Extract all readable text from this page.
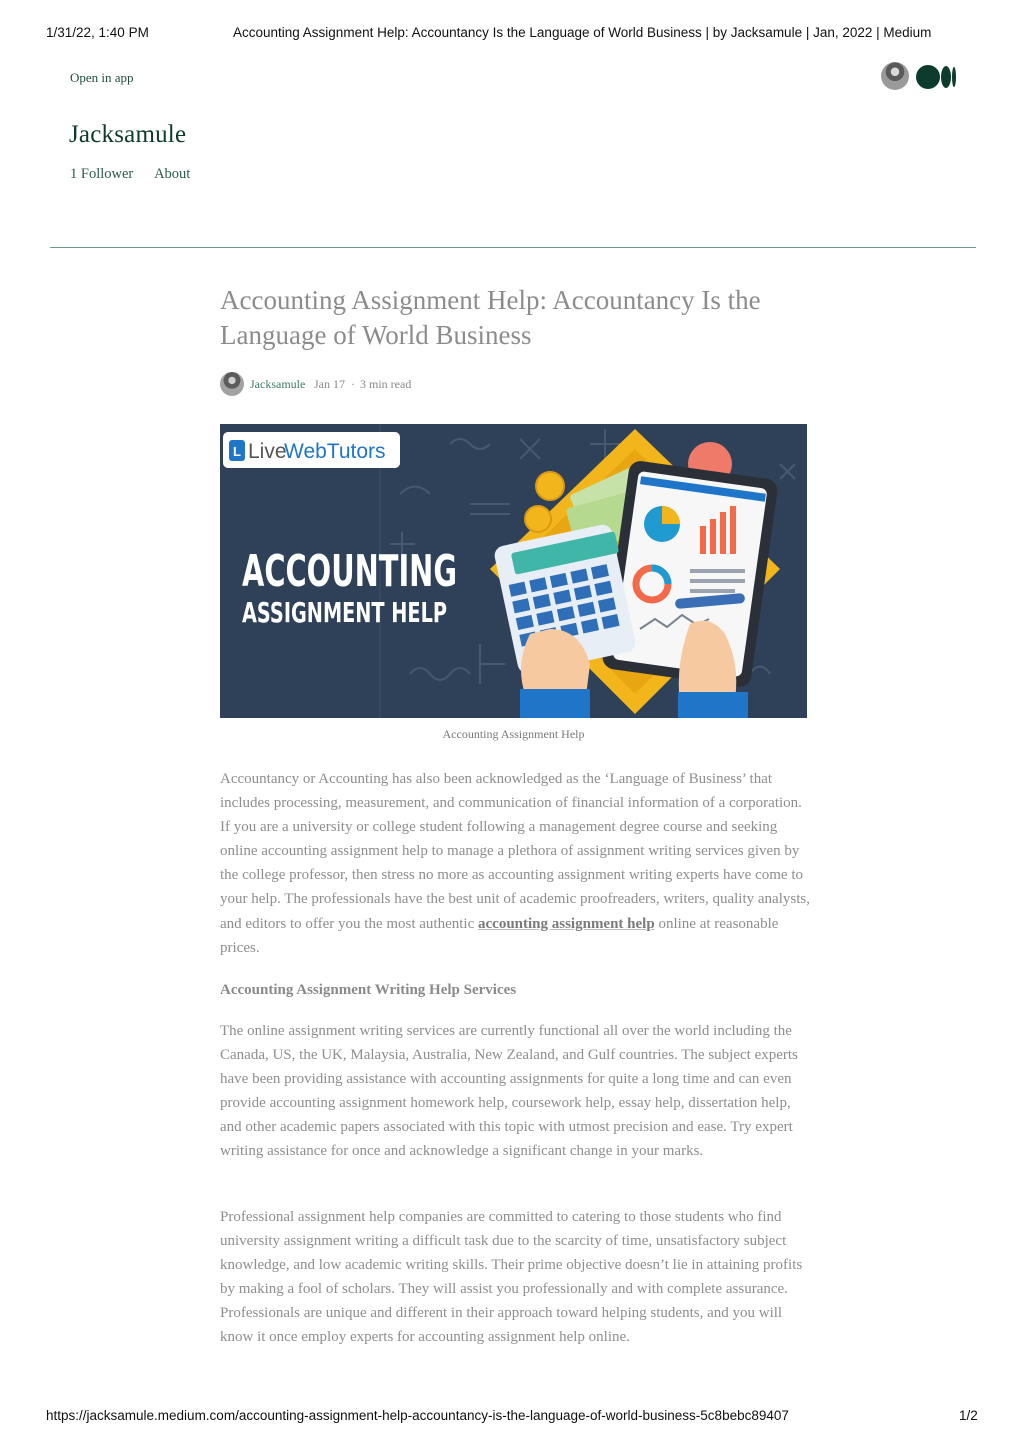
1/31/22, 1:40 PM	Accounting Assignment Help: Accountancy Is the Language of World Business | by Jacksamule | Jan, 2022 | Medium
Open in app
Jacksamule
1 Follower About
Accounting Assignment Help: Accountancy Is the Language of World Business
Jacksamule Jan 17 · 3 min read
L Live
WebTutors
ACCOUNTING
ASSIGNMENT HELP
Accounting Assignment Help

Accountancy or Accounting has also been acknowledged as the ‘Language of Business’ that includes processing, measurement, and communication of financial information of a corporation. If you are a university or college student following a management degree course and seeking online accounting assignment help to manage a plethora of assignment writing services given by the college professor, then stress no more as accounting assignment writing experts have come to your help. The professionals have the best unit of academic proofreaders, writers, quality analysts, and editors to offer you the most authentic accounting assignment help online at reasonable prices.

Accounting Assignment Writing Help Services

The online assignment writing services are currently functional all over the world including the Canada, US, the UK, Malaysia, Australia, New Zealand, and Gulf countries. The subject experts have been providing assistance with accounting assignments for quite a long time and can even provide accounting assignment homework help, coursework help, essay help, dissertation help, and other academic papers associated with this topic with utmost precision and ease. Try expert writing assistance for once and acknowledge a significant change in your marks.

Professional assignment help companies are committed to catering to those students who find university assignment writing a difficult task due to the scarcity of time, unsatisfactory subject knowledge, and low academic writing skills. Their prime objective doesn’t lie in attaining profits by making a fool of scholars. They will assist you professionally and with complete assurance. Professionals are unique and different in their approach toward helping students, and you will know it once employ experts for accounting assignment help online.

https://jacksamule.medium.com/accounting-assignment-help-accountancy-is-the-language-of-world-business-5c8bebc89407	1/2
